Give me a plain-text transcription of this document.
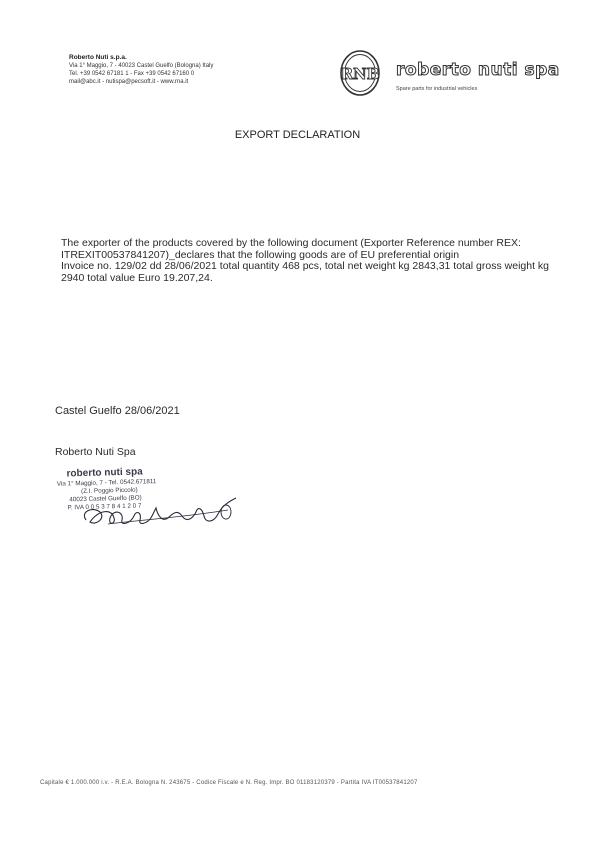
Roberto Nuti s.p.a.
Via 1° Maggio, 7 - 40023 Castel Guelfo (Bologna) Italy
Tel. +39 0542 67181 1 - Fax +39 0542 67160 0
mail@abc.it - nutispa@pecsoft.it - www.rna.it	RNB roberto nuti spa
Spare parts for industrial vehicles
EXPORT DECLARATION

The exporter of the products covered by the following document (Exporter Reference number REX: ITREXIT00537841207)_declares that the following goods are of EU preferential origin

Invoice no. 129/02 dd 28/06/2021 total quantity 468 pcs, total net weight kg 2843,31 total gross weight kg 2940 total value Euro 19.207,24.

Castel Guelfo 28/06/2021
Roberto Nuti Spa
roberto nuti spa
Via 1° Maggio, 7 - Tel. 0542.671811
(Z.I. Poggio Piccolo)
40023 Castel Guelfo (BO)
P. IVA 0 0 5 3 7 8 4 1 2 0 7
Capitale € 1.000.000 i.v. - R.E.A. Bologna N. 243675 - Codice Fiscale e N. Reg. Impr. BO 01183120379 - Partita IVA IT00537841207
